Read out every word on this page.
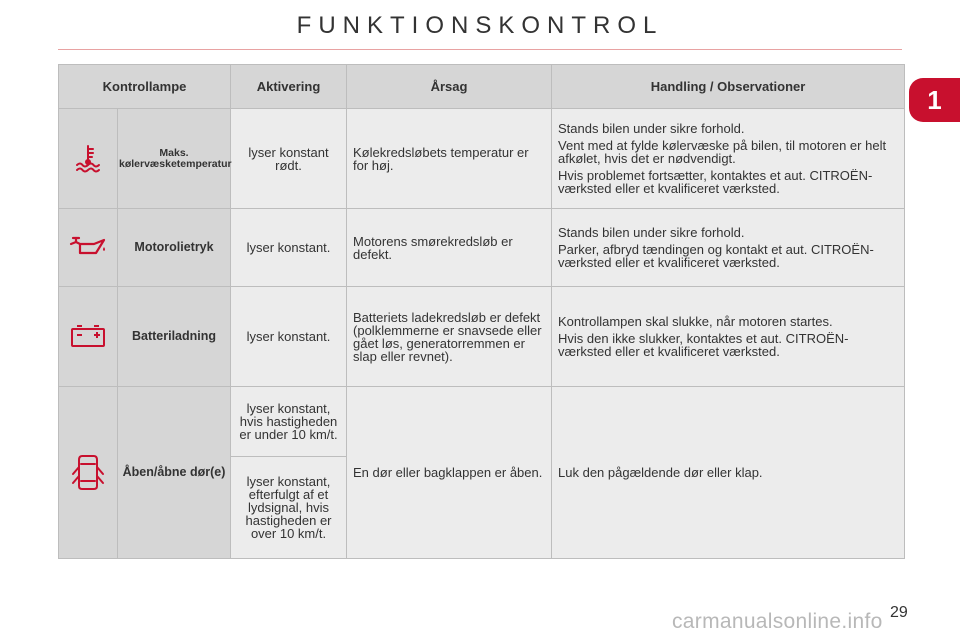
FUNKTIONSKONTROL
1
Kontrollampe		Aktivering	Årsag	Handling / Observationer
	Maks. kølervæsketemperatur	lyser konstant rødt.	Kølekredsløbets temperatur er for høj.	Stands bilen under sikre forhold.

Vent med at fylde kølervæske på bilen, til motoren er helt afkølet, hvis det er nødvendigt.

Hvis problemet fortsætter, kontaktes et aut. CITROËN-værksted eller et kvalificeret værksted.

	Motorolietryk	lyser konstant.	Motorens smørekredsløb er defekt.	Stands bilen under sikre forhold.

Parker, afbryd tændingen og kontakt et aut. CITROËN-værksted eller et kvalificeret værksted.

	Batteriladning	lyser konstant.	Batteriets ladekredsløb er defekt (polklemmerne er snavsede eller gået løs, generatorremmen er slap eller revnet).	Kontrollampen skal slukke, når motoren startes.

Hvis den ikke slukker, kontaktes et aut. CITROËN-værksted eller et kvalificeret værksted.

	Åben/åbne dør(e)	lyser konstant, hvis hastigheden er under 10 km/t.	En dør eller bagklappen er åben.	Luk den pågældende dør eller klap.

		lyser konstant, efterfulgt af et lydsignal, hvis hastigheden er over 10 km/t.		
carmanualsonline.info 29
